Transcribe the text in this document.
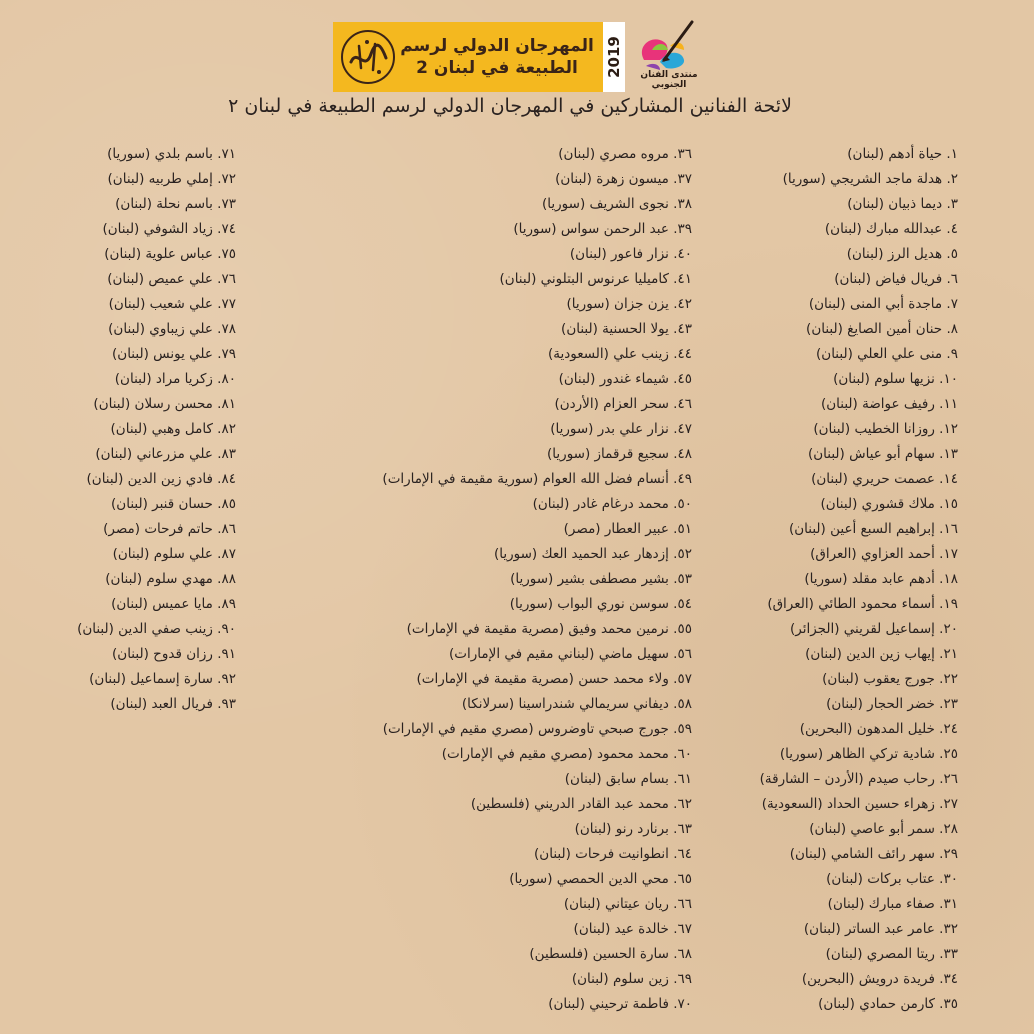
المهرجان الدولي لرسم
الطبيعة في لبنان 2	2019	منتدى الفنان الجنوبي
لائحة الفنانين المشاركين في المهرجان الدولي لرسم الطبيعة في لبنان ٢
١. حياة أدهم (لبنان)
٢. هدلة ماجد الشريجي (سوريا)
٣. ديما ذبيان (لبنان)
٤. عبدالله مبارك (لبنان)
٥. هديل الرز (لبنان)
٦. فريال فياض (لبنان)
٧. ماجدة أبي المنى (لبنان)
٨. حنان أمين الصايغ (لبنان)
٩. منى علي العلي (لبنان)
١٠. نزيها سلوم (لبنان)
١١. رفيف عواضة (لبنان)
١٢. روزانا الخطيب (لبنان)
١٣. سهام أبو عياش (لبنان)
١٤. عصمت حريري (لبنان)
١٥. ملاك قشوري (لبنان)
١٦. إبراهيم السبع أعين (لبنان)
١٧. أحمد العزاوي (العراق)
١٨. أدهم عابد مقلد (سوريا)
١٩. أسماء محمود الطائي (العراق)
٢٠. إسماعيل لقريني (الجزائر)
٢١. إيهاب زين الدين (لبنان)
٢٢. جورج يعقوب (لبنان)
٢٣. خضر الحجار (لبنان)
٢٤. خليل المدهون (البحرين)
٢٥. شادية تركي الظاهر (سوريا)
٢٦. رحاب صيدم (الأردن – الشارقة)
٢٧. زهراء حسين الحداد (السعودية)
٢٨. سمر أبو عاصي (لبنان)
٢٩. سهر رائف الشامي (لبنان)
٣٠. عتاب بركات (لبنان)
٣١. صفاء مبارك (لبنان)
٣٢. عامر عبد الساتر (لبنان)
٣٣. ريتا المصري (لبنان)
٣٤. فريدة درويش (البحرين)
٣٥. كارمن حمادي (لبنان)
٣٦. مروه مصري (لبنان)
٣٧. ميسون زهرة (لبنان)
٣٨. نجوى الشريف (سوريا)
٣٩. عبد الرحمن سواس (سوريا)
٤٠. نزار فاعور (لبنان)
٤١. كاميليا عرنوس البتلوني (لبنان)
٤٢. يزن جزان (سوريا)
٤٣. يولا الحسنية (لبنان)
٤٤. زينب علي (السعودية)
٤٥. شيماء غندور (لبنان)
٤٦. سحر العزام (الأردن)
٤٧. نزار علي بدر (سوريا)
٤٨. سجيع قرقماز (سوريا)
٤٩. أنسام فضل الله العوام (سورية مقيمة في الإمارات)
٥٠. محمد درغام غادر (لبنان)
٥١. عبير العطار (مصر)
٥٢. إزدهار عبد الحميد العك (سوريا)
٥٣. بشير مصطفى بشير (سوريا)
٥٤. سوسن نوري البواب (سوريا)
٥٥. نرمين محمد وفيق (مصرية مقيمة في الإمارات)
٥٦. سهيل ماضي (لبناني مقيم في الإمارات)
٥٧. ولاء محمد حسن (مصرية مقيمة في الإمارات)
٥٨. ديفاني سريمالي شندراسينا (سرلانكا)
٥٩. جورج صبحي تاوضروس (مصري مقيم في الإمارات)
٦٠. محمد محمود (مصري مقيم في الإمارات)
٦١. بسام سابق (لبنان)
٦٢. محمد عبد القادر الدريني (فلسطين)
٦٣. برنارد رنو (لبنان)
٦٤. انطوانيت فرحات (لبنان)
٦٥. محي الدين الحمصي (سوريا)
٦٦. ريان عيتاني (لبنان)
٦٧. خالدة عيد (لبنان)
٦٨. سارة الحسين (فلسطين)
٦٩. زين سلوم (لبنان)
٧٠. فاطمة ترحيني (لبنان)
٧١. باسم بلدي (سوريا)
٧٢. إملي طربيه (لبنان)
٧٣. باسم نحلة (لبنان)
٧٤. زياد الشوفي (لبنان)
٧٥. عباس علوية (لبنان)
٧٦. علي عميص (لبنان)
٧٧. علي شعيب (لبنان)
٧٨. علي زيباوي (لبنان)
٧٩. علي يونس (لبنان)
٨٠. زكريا مراد (لبنان)
٨١. محسن رسلان (لبنان)
٨٢. كامل وهبي (لبنان)
٨٣. علي مزرعاني (لبنان)
٨٤. فادي زين الدين (لبنان)
٨٥. حسان قنبر (لبنان)
٨٦. حاتم فرحات (مصر)
٨٧. علي سلوم (لبنان)
٨٨. مهدي سلوم (لبنان)
٨٩. مايا عميس (لبنان)
٩٠. زينب صفي الدين (لبنان)
٩١. رزان قدوح (لبنان)
٩٢. سارة إسماعيل (لبنان)
٩٣. فريال العبد (لبنان)
